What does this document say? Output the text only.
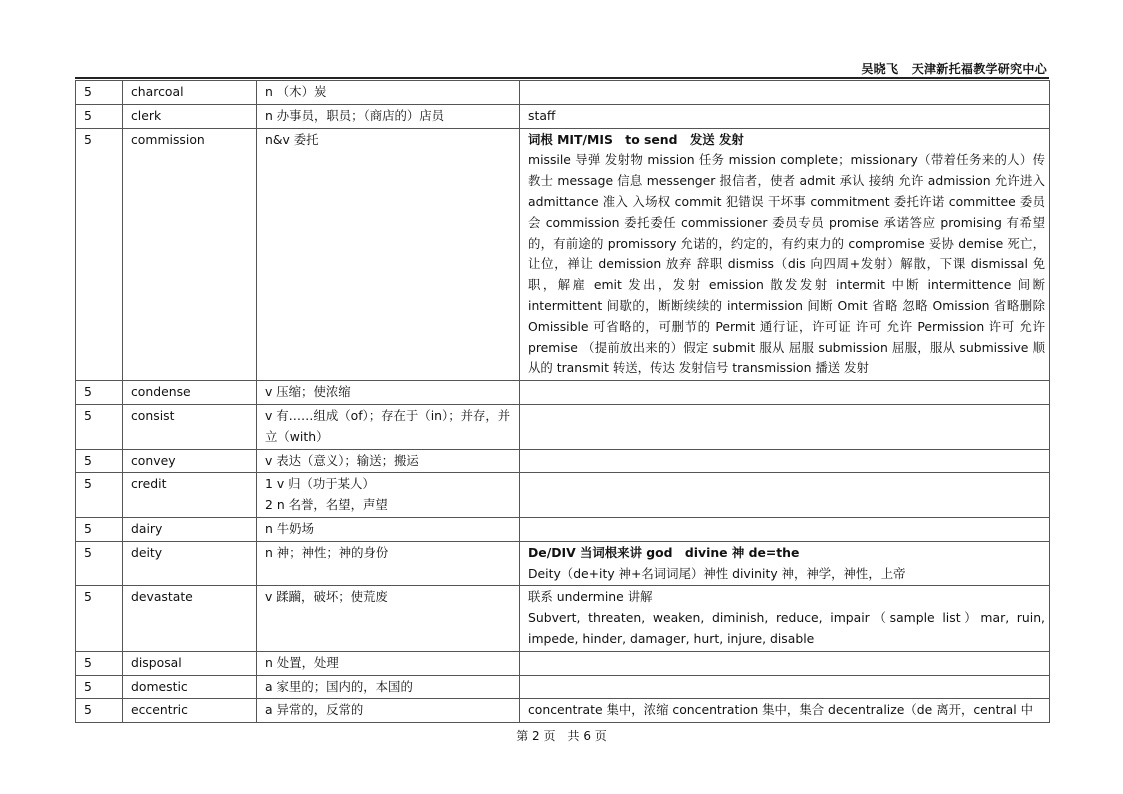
吴晓飞 天津新托福教学研究中心
5	charcoal	n （木）炭	

5	clerk	n 办事员，职员；（商店的）店员	staff

5	commission	n&v 委托	词根 MIT/MIS　to send　发送 发射
missile 导弹 发射物 mission 任务 mission complete；missionary（带着任务来的人）传教士 message 信息 messenger 报信者，使者 admit 承认 接纳 允许 admission 允许进入 admittance 准入 入场权 commit 犯错误 干坏事 commitment 委托许诺 committee 委员会 commission 委托委任 commissioner 委员专员 promise 承诺答应 promising 有希望的，有前途的 promissory 允诺的，约定的，有约束力的 compromise 妥协 demise 死亡，让位，禅让 demission 放弃 辞职 dismiss（dis 向四周+发射）解散，下课 dismissal 免职，解雇 emit 发出，发射 emission 散发发射 intermit 中断 intermittence 间断 intermittent 间歇的，断断续续的 intermission 间断 Omit 省略 忽略 Omission 省略删除 Omissible 可省略的，可删节的 Permit 通行证，许可证 许可 允许 Permission 许可 允许 premise （提前放出来的）假定 submit 服从 屈服 submission 屈服，服从 submissive 顺从的 transmit 转送，传达 发射信号 transmission 播送 发射
5	condense	v 压缩；使浓缩	

5	consist	v 有……组成（of）；存在于（in）；并存，并立（with）	

5	convey	v 表达（意义）；输送；搬运	

5	credit	1 v 归（功于某人）
2 n 名誉，名望，声望	

5	dairy	n 牛奶场	

5	deity	n 神；神性；神的身份	De/DIV 当词根来讲 god　divine 神 de=the
Deity（de+ity 神+名词词尾）神性 divinity 神，神学，神性，上帝

5	devastate	v 蹂躏，破坏；使荒废	联系 undermine 讲解
Subvert, threaten, weaken, diminish, reduce, impair（sample list）mar, ruin, impede, hinder, damager, hurt, injure, disable

5	disposal	n 处置，处理	

5	domestic	a 家里的；国内的，本国的	

5	eccentric	a 异常的，反常的	concentrate 集中，浓缩 concentration 集中，集合 decentralize（de 离开，central 中
第 2 页　共 6 页
